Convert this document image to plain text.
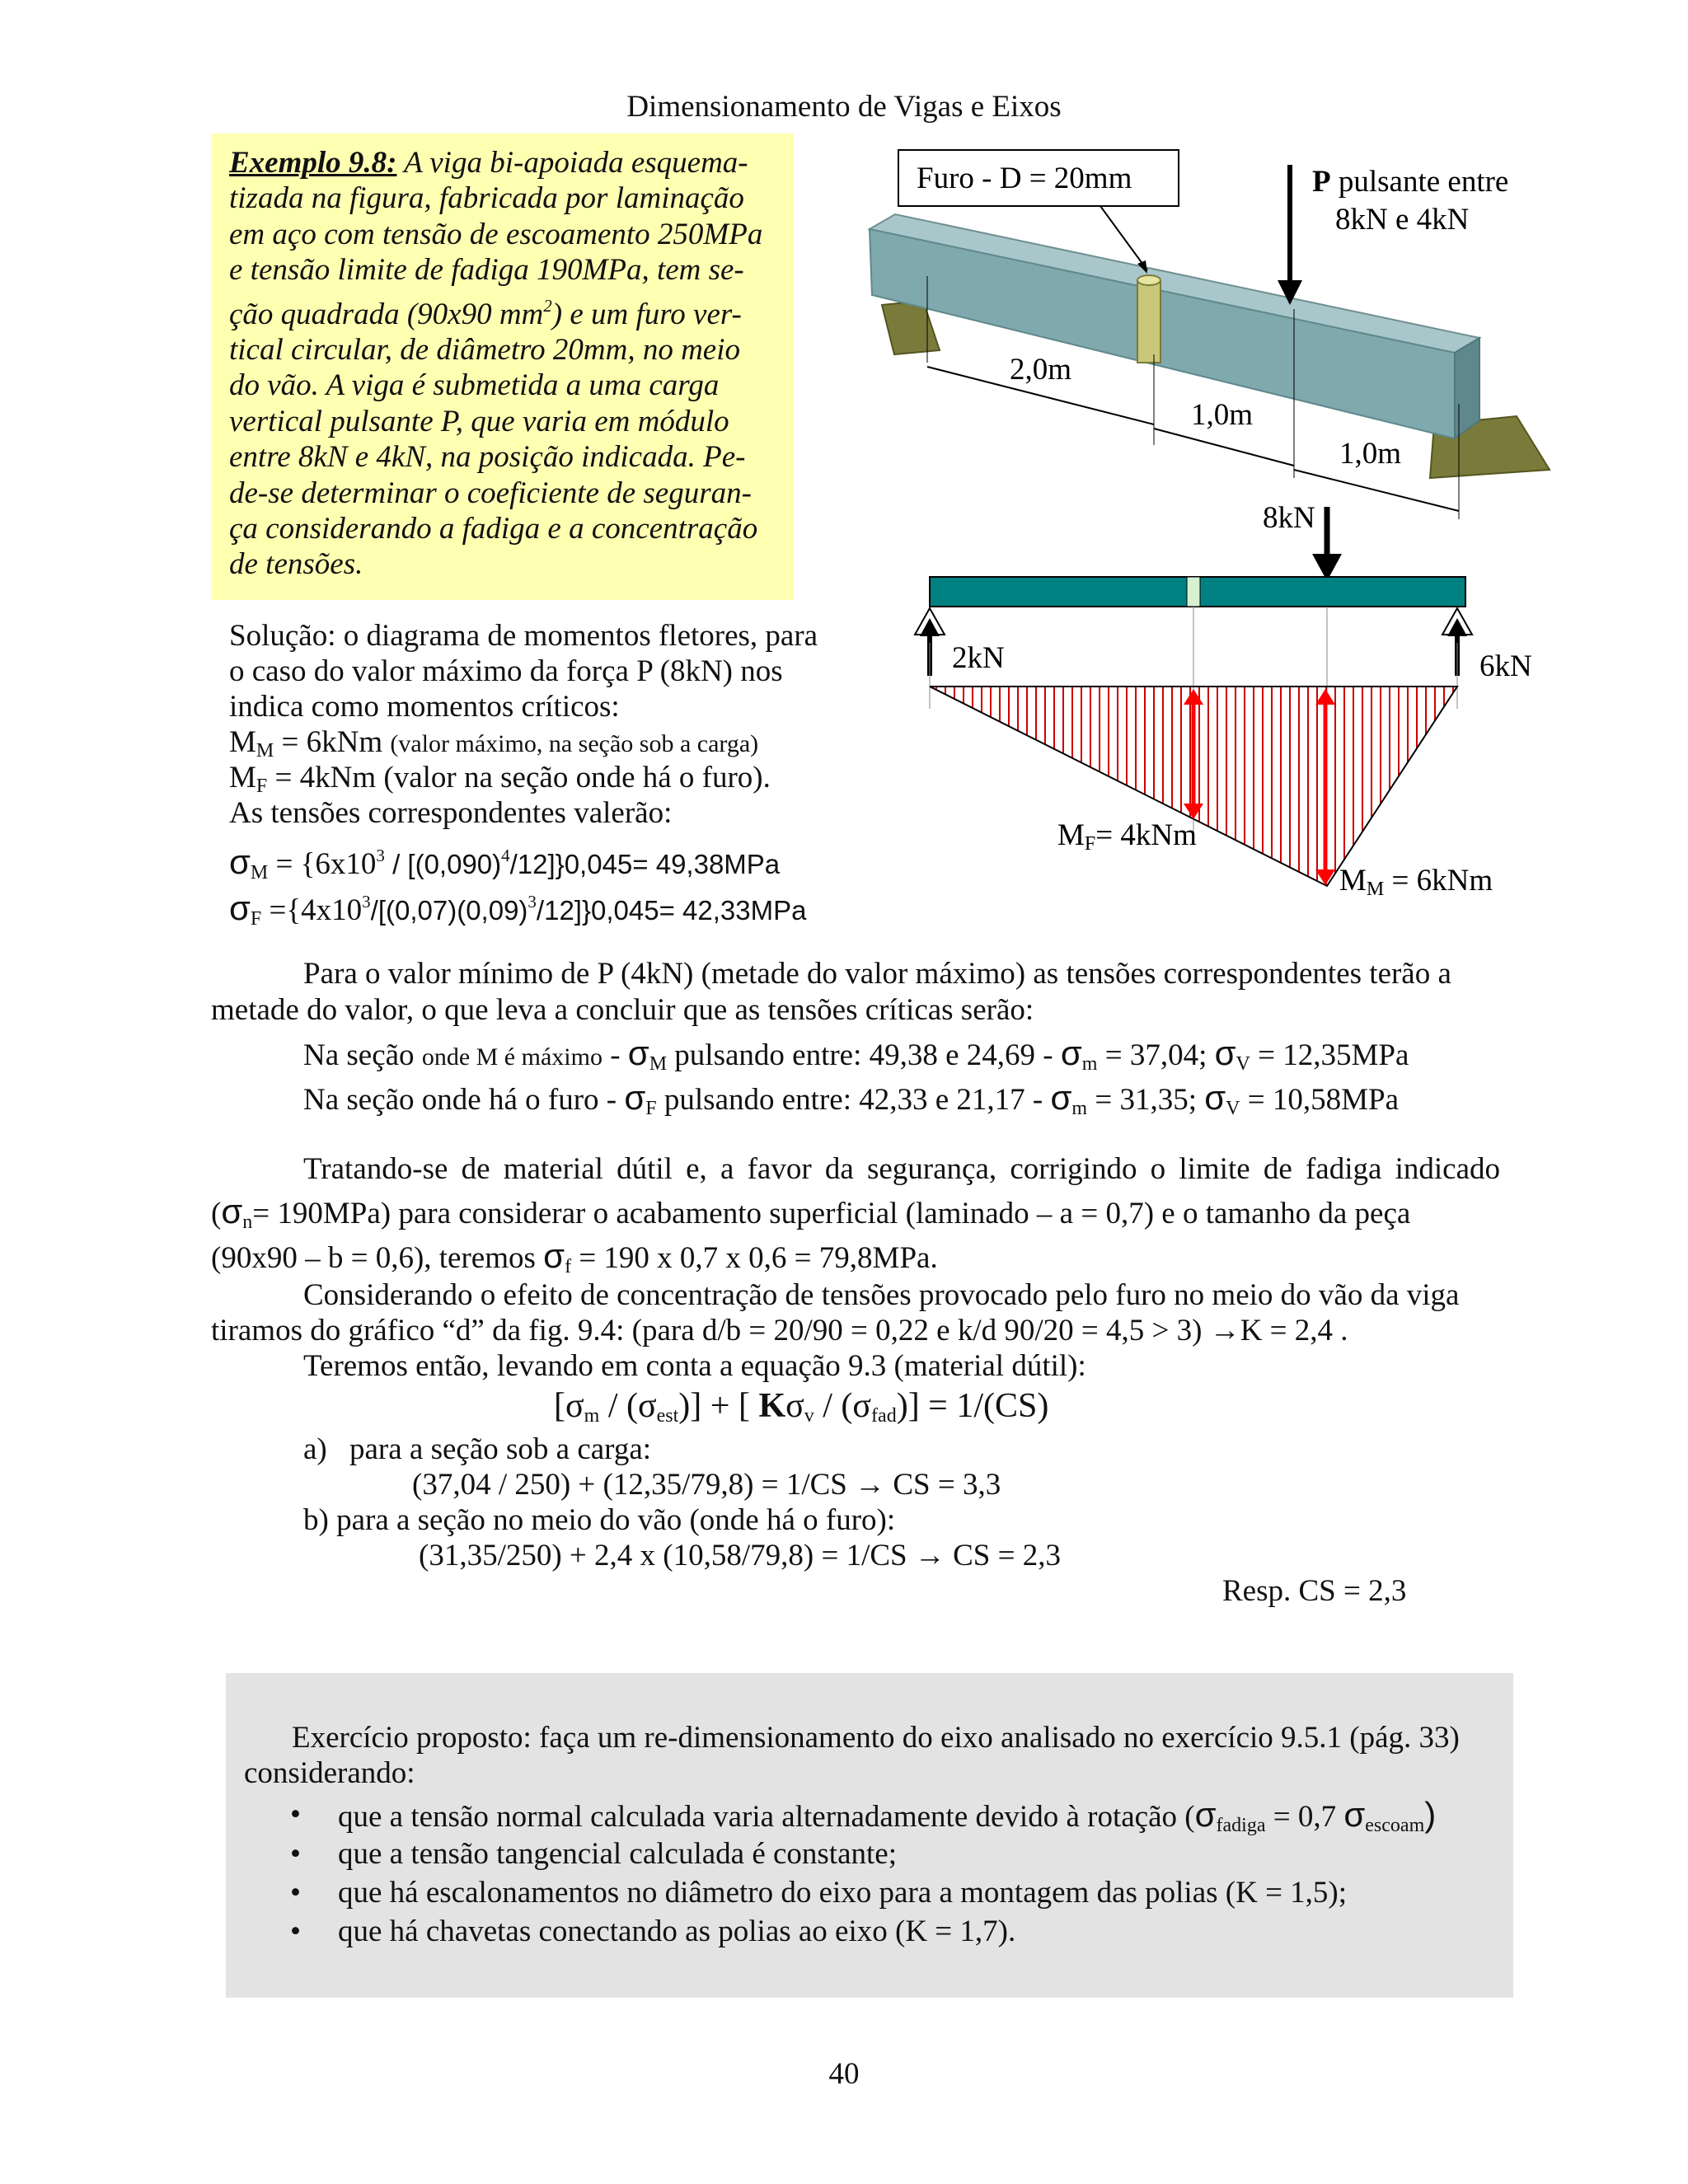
Dimensionamento de Vigas e Eixos

Exemplo 9.8: A viga bi-apoiada esquema-

tizada na figura, fabricada por laminação

em aço com tensão de escoamento 250MPa

e tensão limite de fadiga 190MPa, tem se-

ção quadrada (90x90 $mm^2$) e um furo ver-

tical circular, de diâmetro 20mm, no meio

do vão. A viga é submetida a uma carga

vertical pulsante P, que varia em módulo

entre 8kN e 4kN, na posição indicada. Pe-

de-se determinar o coeficiente de seguran-

ça considerando a fadiga e a concentração

de tensões.

Furo - D = 20mm	P pulsante entre
8kN e 4kN
2,0m
1,0m
1,0m
8kN
2kN	6kN
MF= 4kNm
MM = 6kNm
Solução: o diagrama de momentos fletores, para
o caso do valor máximo da força P (8kN) nos
indica como momentos críticos:
$M_M = 6kNm$ (valor máximo, na seção sob a carga)
$M_F = 4kNm$ (valor na seção onde há o furo).
As tensões correspondentes valerão:
$\sigma_M = \{6x10^3 / [(0,090)^4/12]\}0,045= 49,38MPa$
$\sigma_F =\{4x10^3/[(0,07)(0,09)^3/12]\}0,045= 42,33MPa$
Para o valor mínimo de P (4kN) (metade do valor máximo) as tensões correspondentes terão a
metade do valor, o que leva a concluir que as tensões críticas serão:
Na seção onde M é máximo - $\sigma_M$ pulsando entre: 49,38 e $24,69 - \sigma_m = 37,04$; $\sigma_V = 12,35MPa$
Na seção onde há o furo - $\sigma_F$ pulsando entre: 42,33 e $21,17 - \sigma_m = 31,35$; $\sigma_V = 10,58MPa$
Tratando-se de material dútil e, a favor da segurança, corrigindo o limite de fadiga indicado
$(\sigma_n= 190MPa)$ para considerar o acabamento superficial (laminado – a = 0,7) e o tamanho da peça
(90x90 – b = 0,6), teremos $\sigma_f = 190$ x 0,7 x 0,6 = 79,8MPa.
Considerando o efeito de concentração de tensões provocado pelo furo no meio do vão da viga
tiramos do gráfico “d” da fig. 9.4: (para d/b = 20/90 = 0,22 e k/d 90/20 = 4,5 > 3) →K = 2,4 .
Teremos então, levando em conta a equação 9.3 (material dútil):
$[\sigma_m / (\sigma_{est})]$ + [ $K\sigma_v / (\sigma_{fad})] = 1/(CS)$
a) para a seção sob a carga:
(37,04 / 250) + (12,35/79,8) = 1/CS → CS = 3,3
b) para a seção no meio do vão (onde há o furo):
(31,35/250) + 2,4 x (10,58/79,8) = 1/CS → CS = 2,3
Resp. CS = 2,3
Exercício proposto: faça um re-dimensionamento do eixo analisado no exercício 9.5.1 (pág. 33)
considerando:
• que a tensão normal calculada varia alternadamente devido à rotação ($\sigma_{fadiga} = 0,7$ $\sigma_{escoam}$)
• que a tensão tangencial calculada é constante;
• que há escalonamentos no diâmetro do eixo para a montagem das polias (K = 1,5);
• que há chavetas conectando as polias ao eixo (K = 1,7).
40
